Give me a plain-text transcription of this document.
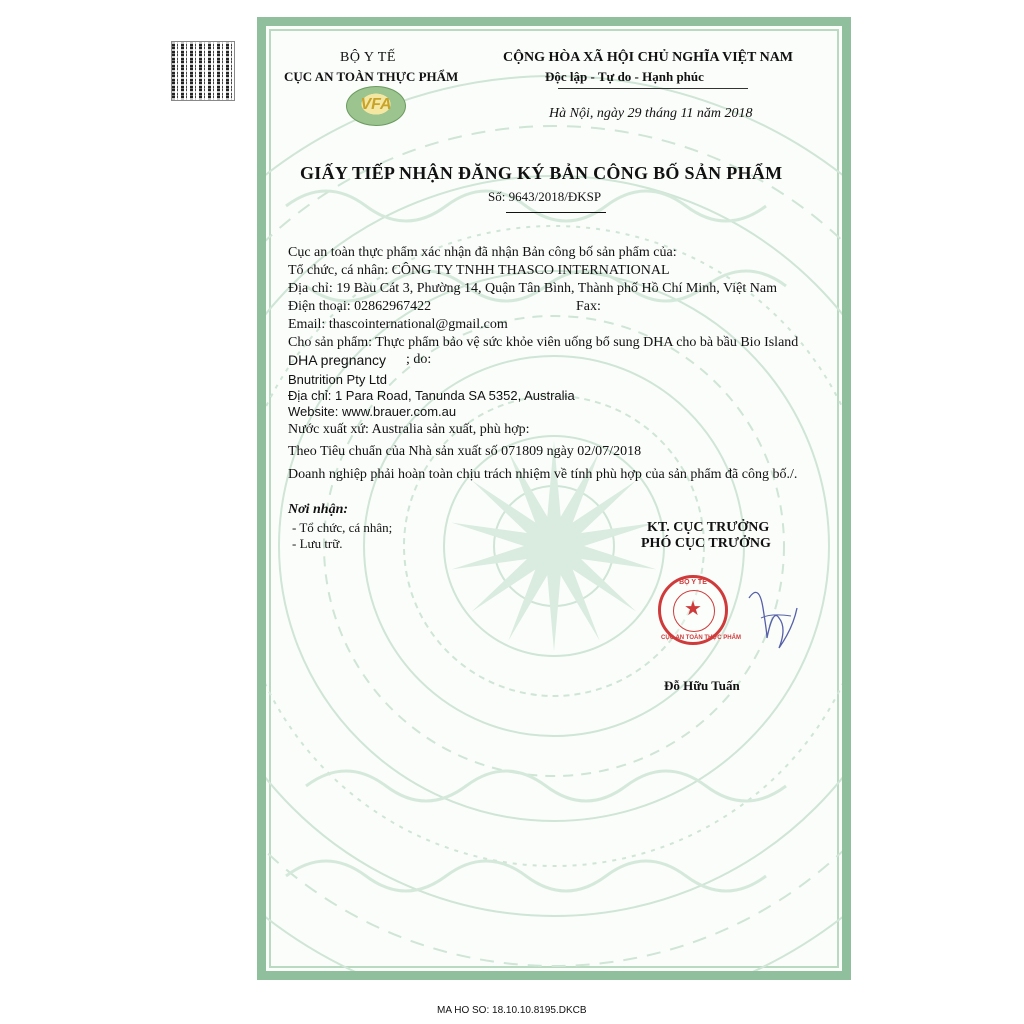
BỘ Y TẾ
CỤC AN TOÀN THỰC PHẨM
VFA
CỘNG HÒA XÃ HỘI CHỦ NGHĨA VIỆT NAM
Độc lập - Tự do - Hạnh phúc
Hà Nội, ngày 29 tháng 11 năm 2018
GIẤY TIẾP NHẬN ĐĂNG KÝ BẢN CÔNG BỐ SẢN PHẨM
Số: 9643/2018/ĐKSP
Cục an toàn thực phẩm xác nhận đã nhận Bản công bố sản phẩm của:
Tổ chức, cá nhân: CÔNG TY TNHH THASCO INTERNATIONAL
Địa chỉ: 19 Bàu Cát 3, Phường 14, Quận Tân Bình, Thành phố Hồ Chí Minh, Việt Nam
Điện thoại: 02862967422	Fax:
Email: thascointernational@gmail.com
Cho sản phẩm: Thực phẩm bảo vệ sức khỏe viên uống bổ sung DHA cho bà bầu Bio Island
DHA pregnancy ; do:
Bnutrition Pty Ltd
Địa chỉ: 1 Para Road, Tanunda SA 5352, Australia
Website: www.brauer.com.au
Nước xuất xứ: Australia sản xuất, phù hợp:
Theo Tiêu chuẩn của Nhà sản xuất số 071809 ngày 02/07/2018
Doanh nghiệp phải hoàn toàn chịu trách nhiệm về tính phù hợp của sản phẩm đã công bố./.
Nơi nhận:
- Tổ chức, cá nhân;
- Lưu trữ.
KT. CỤC TRƯỞNG
PHÓ CỤC TRƯỞNG
BỘ Y TẾ
★
CỤC AN TOÀN THỰC PHẨM
Đỗ Hữu Tuấn
MA HO SO: 18.10.10.8195.DKCB
